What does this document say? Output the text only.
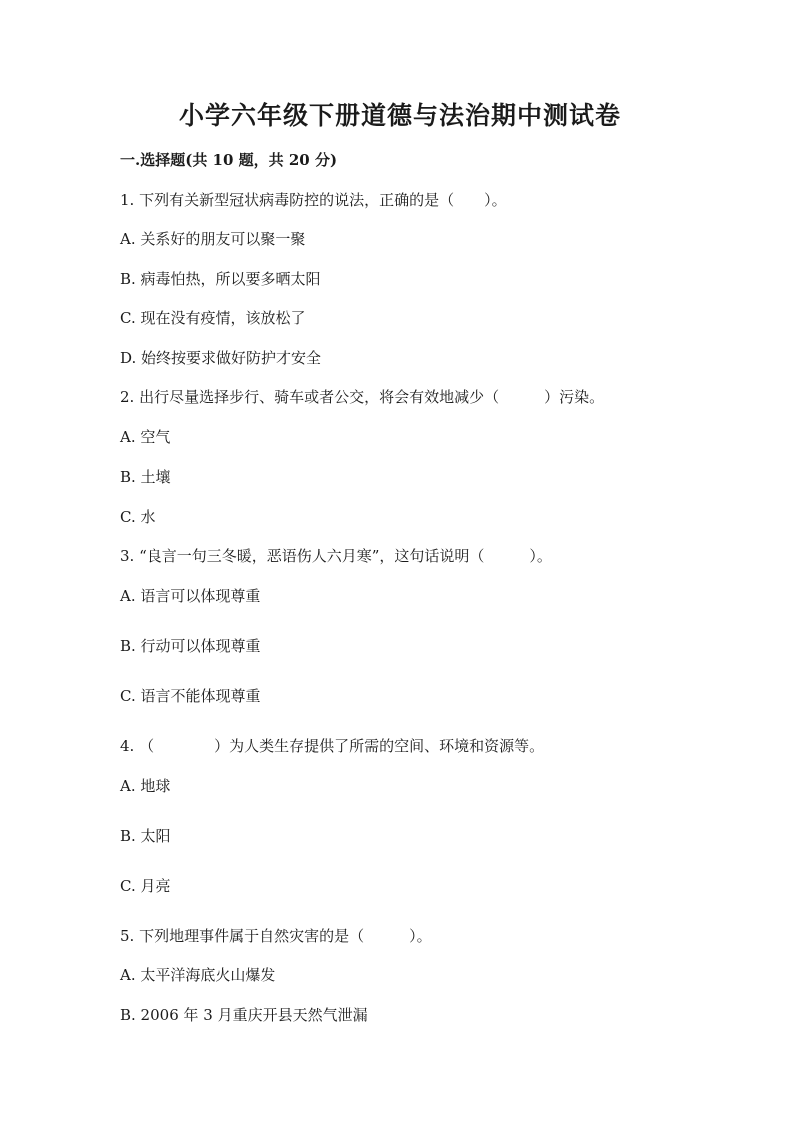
小学六年级下册道德与法治期中测试卷
一.选择题(共 10 题，共 20 分)
1. 下列有关新型冠状病毒防控的说法，正确的是（　　）。
A. 关系好的朋友可以聚一聚
B. 病毒怕热，所以要多晒太阳
C. 现在没有疫情，该放松了
D. 始终按要求做好防护才安全
2. 出行尽量选择步行、骑车或者公交，将会有效地减少（　　　）污染。
A. 空气
B. 土壤
C. 水
3. “良言一句三冬暖，恶语伤人六月寒”，这句话说明（　　　）。
A. 语言可以体现尊重
B. 行动可以体现尊重
C. 语言不能体现尊重
4. （　　　　）为人类生存提供了所需的空间、环境和资源等。
A. 地球
B. 太阳
C. 月亮
5. 下列地理事件属于自然灾害的是（　　　）。
A. 太平洋海底火山爆发
B. 2006 年 3 月重庆开县天然气泄漏
